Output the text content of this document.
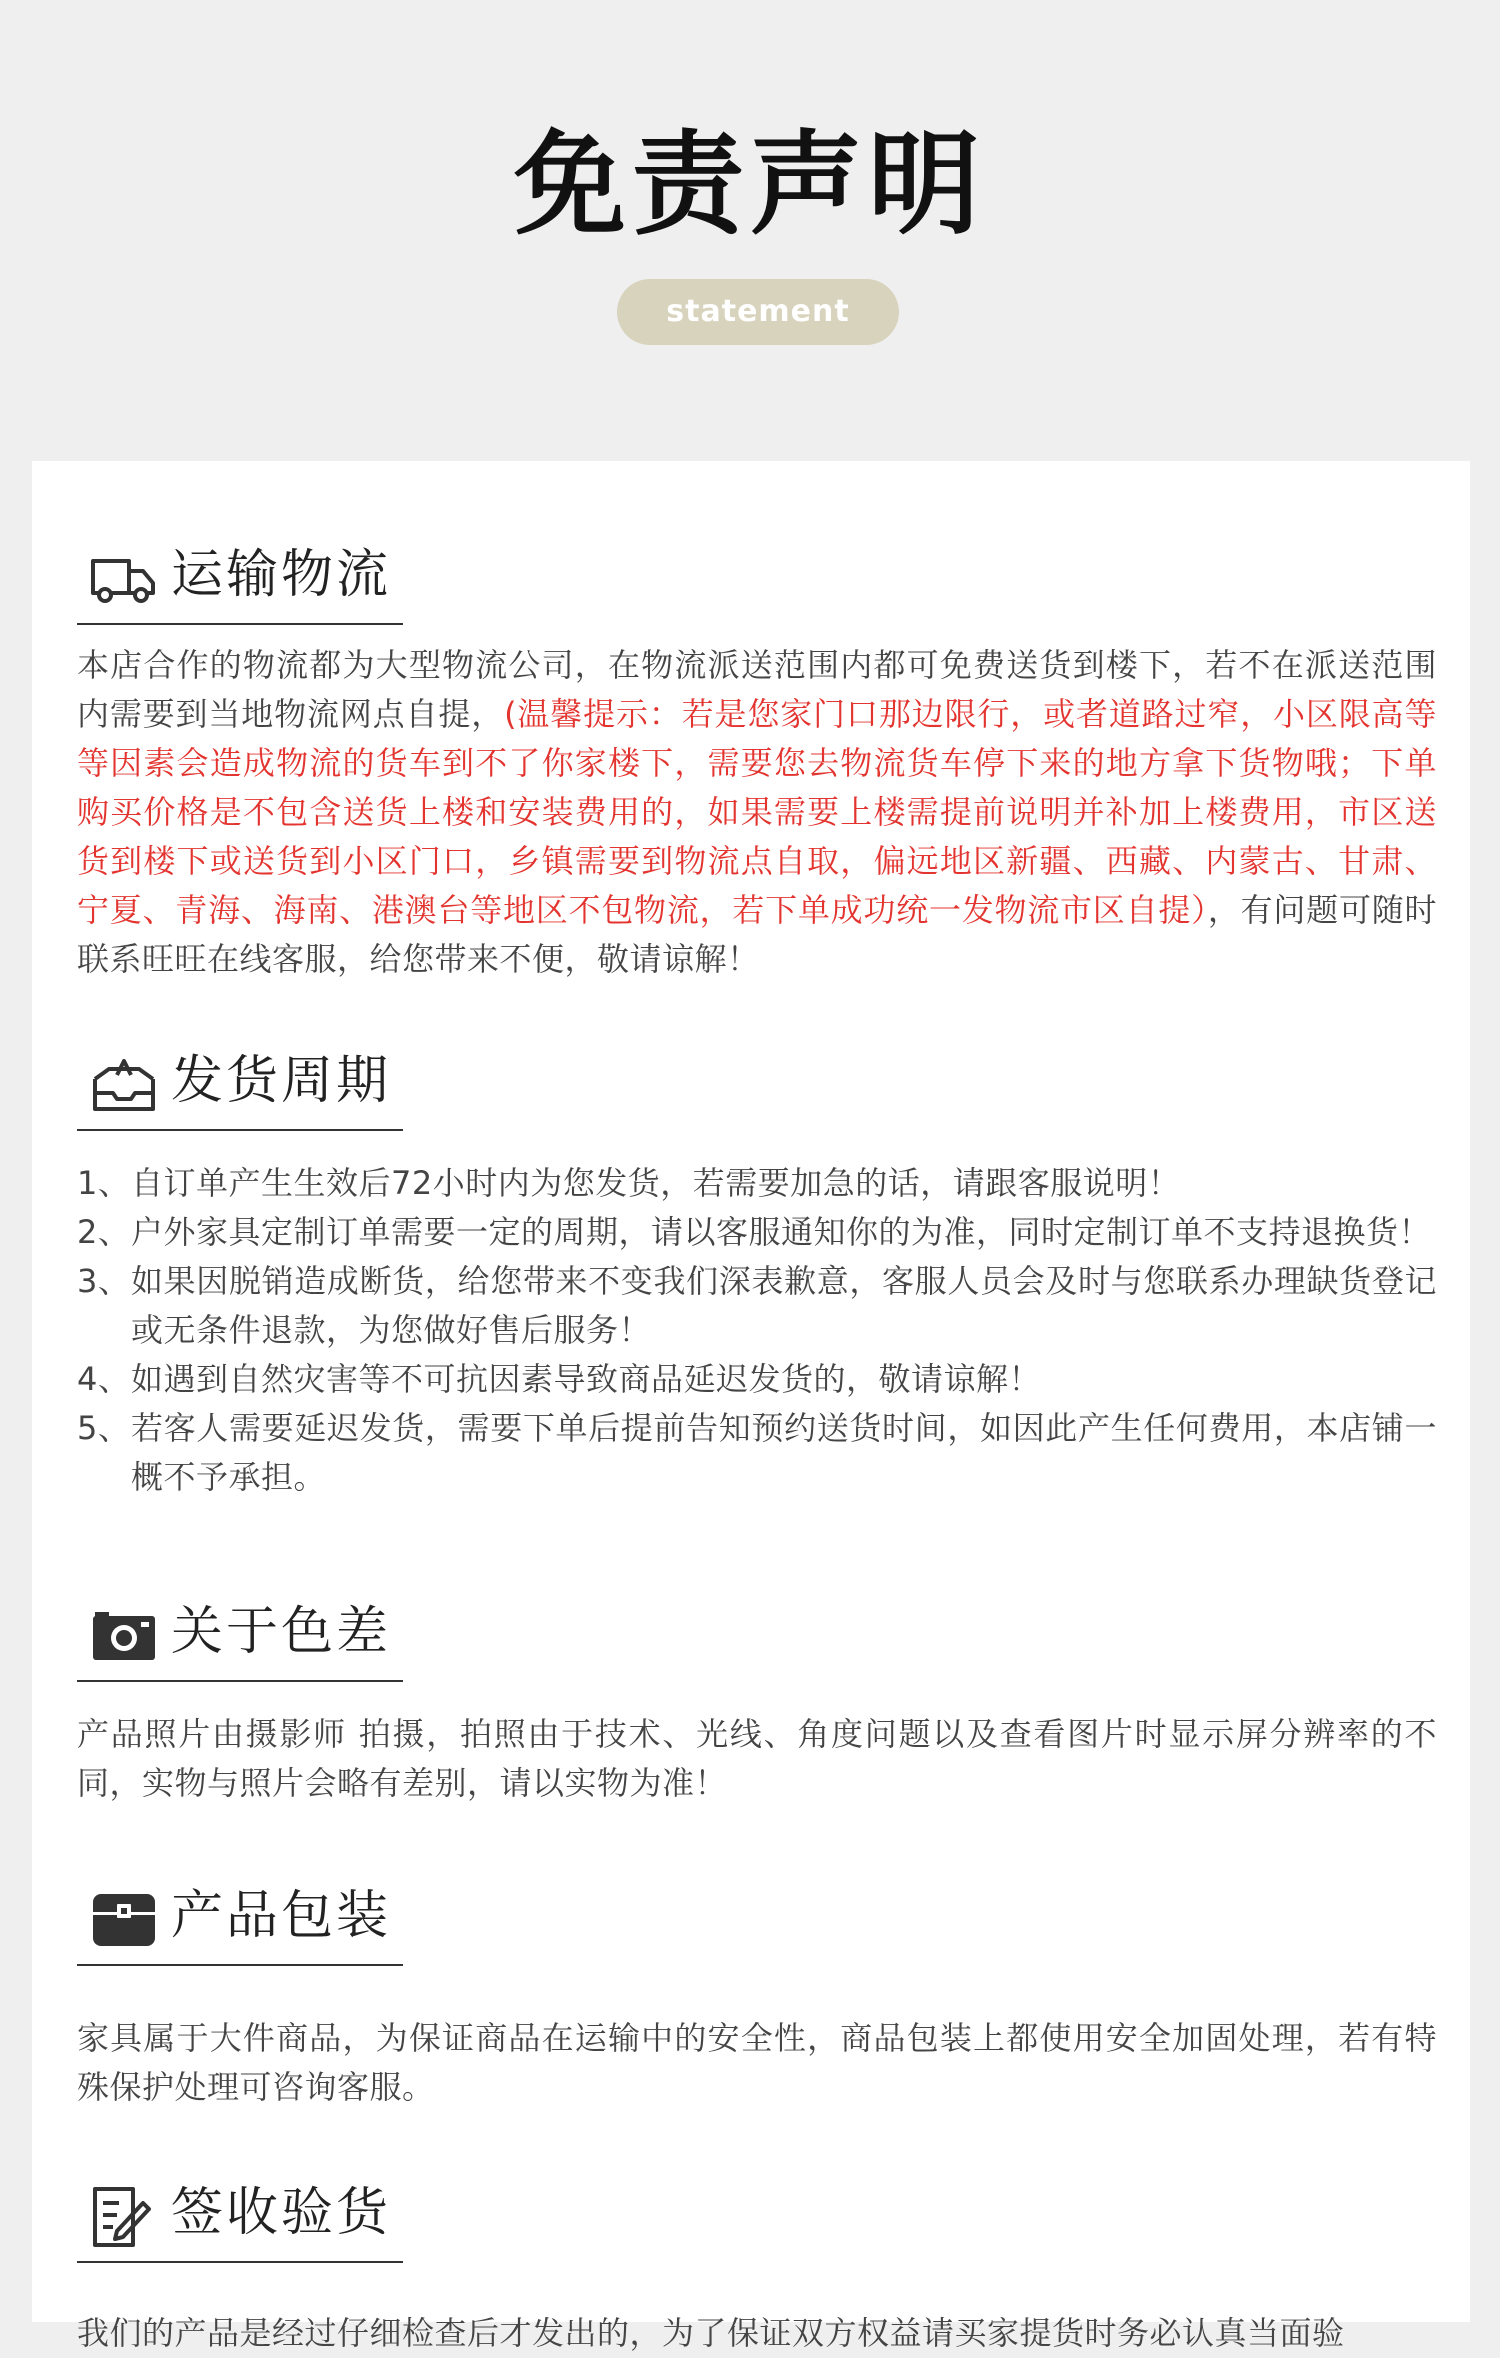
免责声明
statement
运输物流

本店合作的物流都为大型物流公司，在物流派送范围内都可免费送货到楼下，若不在派送范围内需要到当地物流网点自提，(温馨提示：若是您家门口那边限行，或者道路过窄，小区限高等等因素会造成物流的货车到不了你家楼下，需要您去物流货车停下来的地方拿下货物哦；下单购买价格是不包含送货上楼和安装费用的，如果需要上楼需提前说明并补加上楼费用，市区送货到楼下或送货到小区门口，乡镇需要到物流点自取，偏远地区新疆、西藏、内蒙古、甘肃、宁夏、青海、海南、港澳台等地区不包物流，若下单成功统一发物流市区自提），有问题可随时联系旺旺在线客服，给您带来不便，敬请谅解！

发货周期
1、 自订单产生生效后72小时内为您发货，若需要加急的话，请跟客服说明！
2、 户外家具定制订单需要一定的周期，请以客服通知你的为准，同时定制订单不支持退换货！
3、 如果因脱销造成断货，给您带来不变我们深表歉意，客服人员会及时与您联系办理缺货登记或无条件退款，为您做好售后服务！
4、 如遇到自然灾害等不可抗因素导致商品延迟发货的，敬请谅解！
5、 若客人需要延迟发货，需要下单后提前告知预约送货时间，如因此产生任何费用，本店铺一概不予承担。
关于色差

产品照片由摄影师 拍摄，拍照由于技术、光线、角度问题以及查看图片时显示屏分辨率的不同，实物与照片会略有差别，请以实物为准！

产品包装

家具属于大件商品，为保证商品在运输中的安全性，商品包装上都使用安全加固处理，若有特殊保护处理可咨询客服。

签收验货

我们的产品是经过仔细检查后才发出的，为了保证双方权益请买家提货时务必认真当面验
